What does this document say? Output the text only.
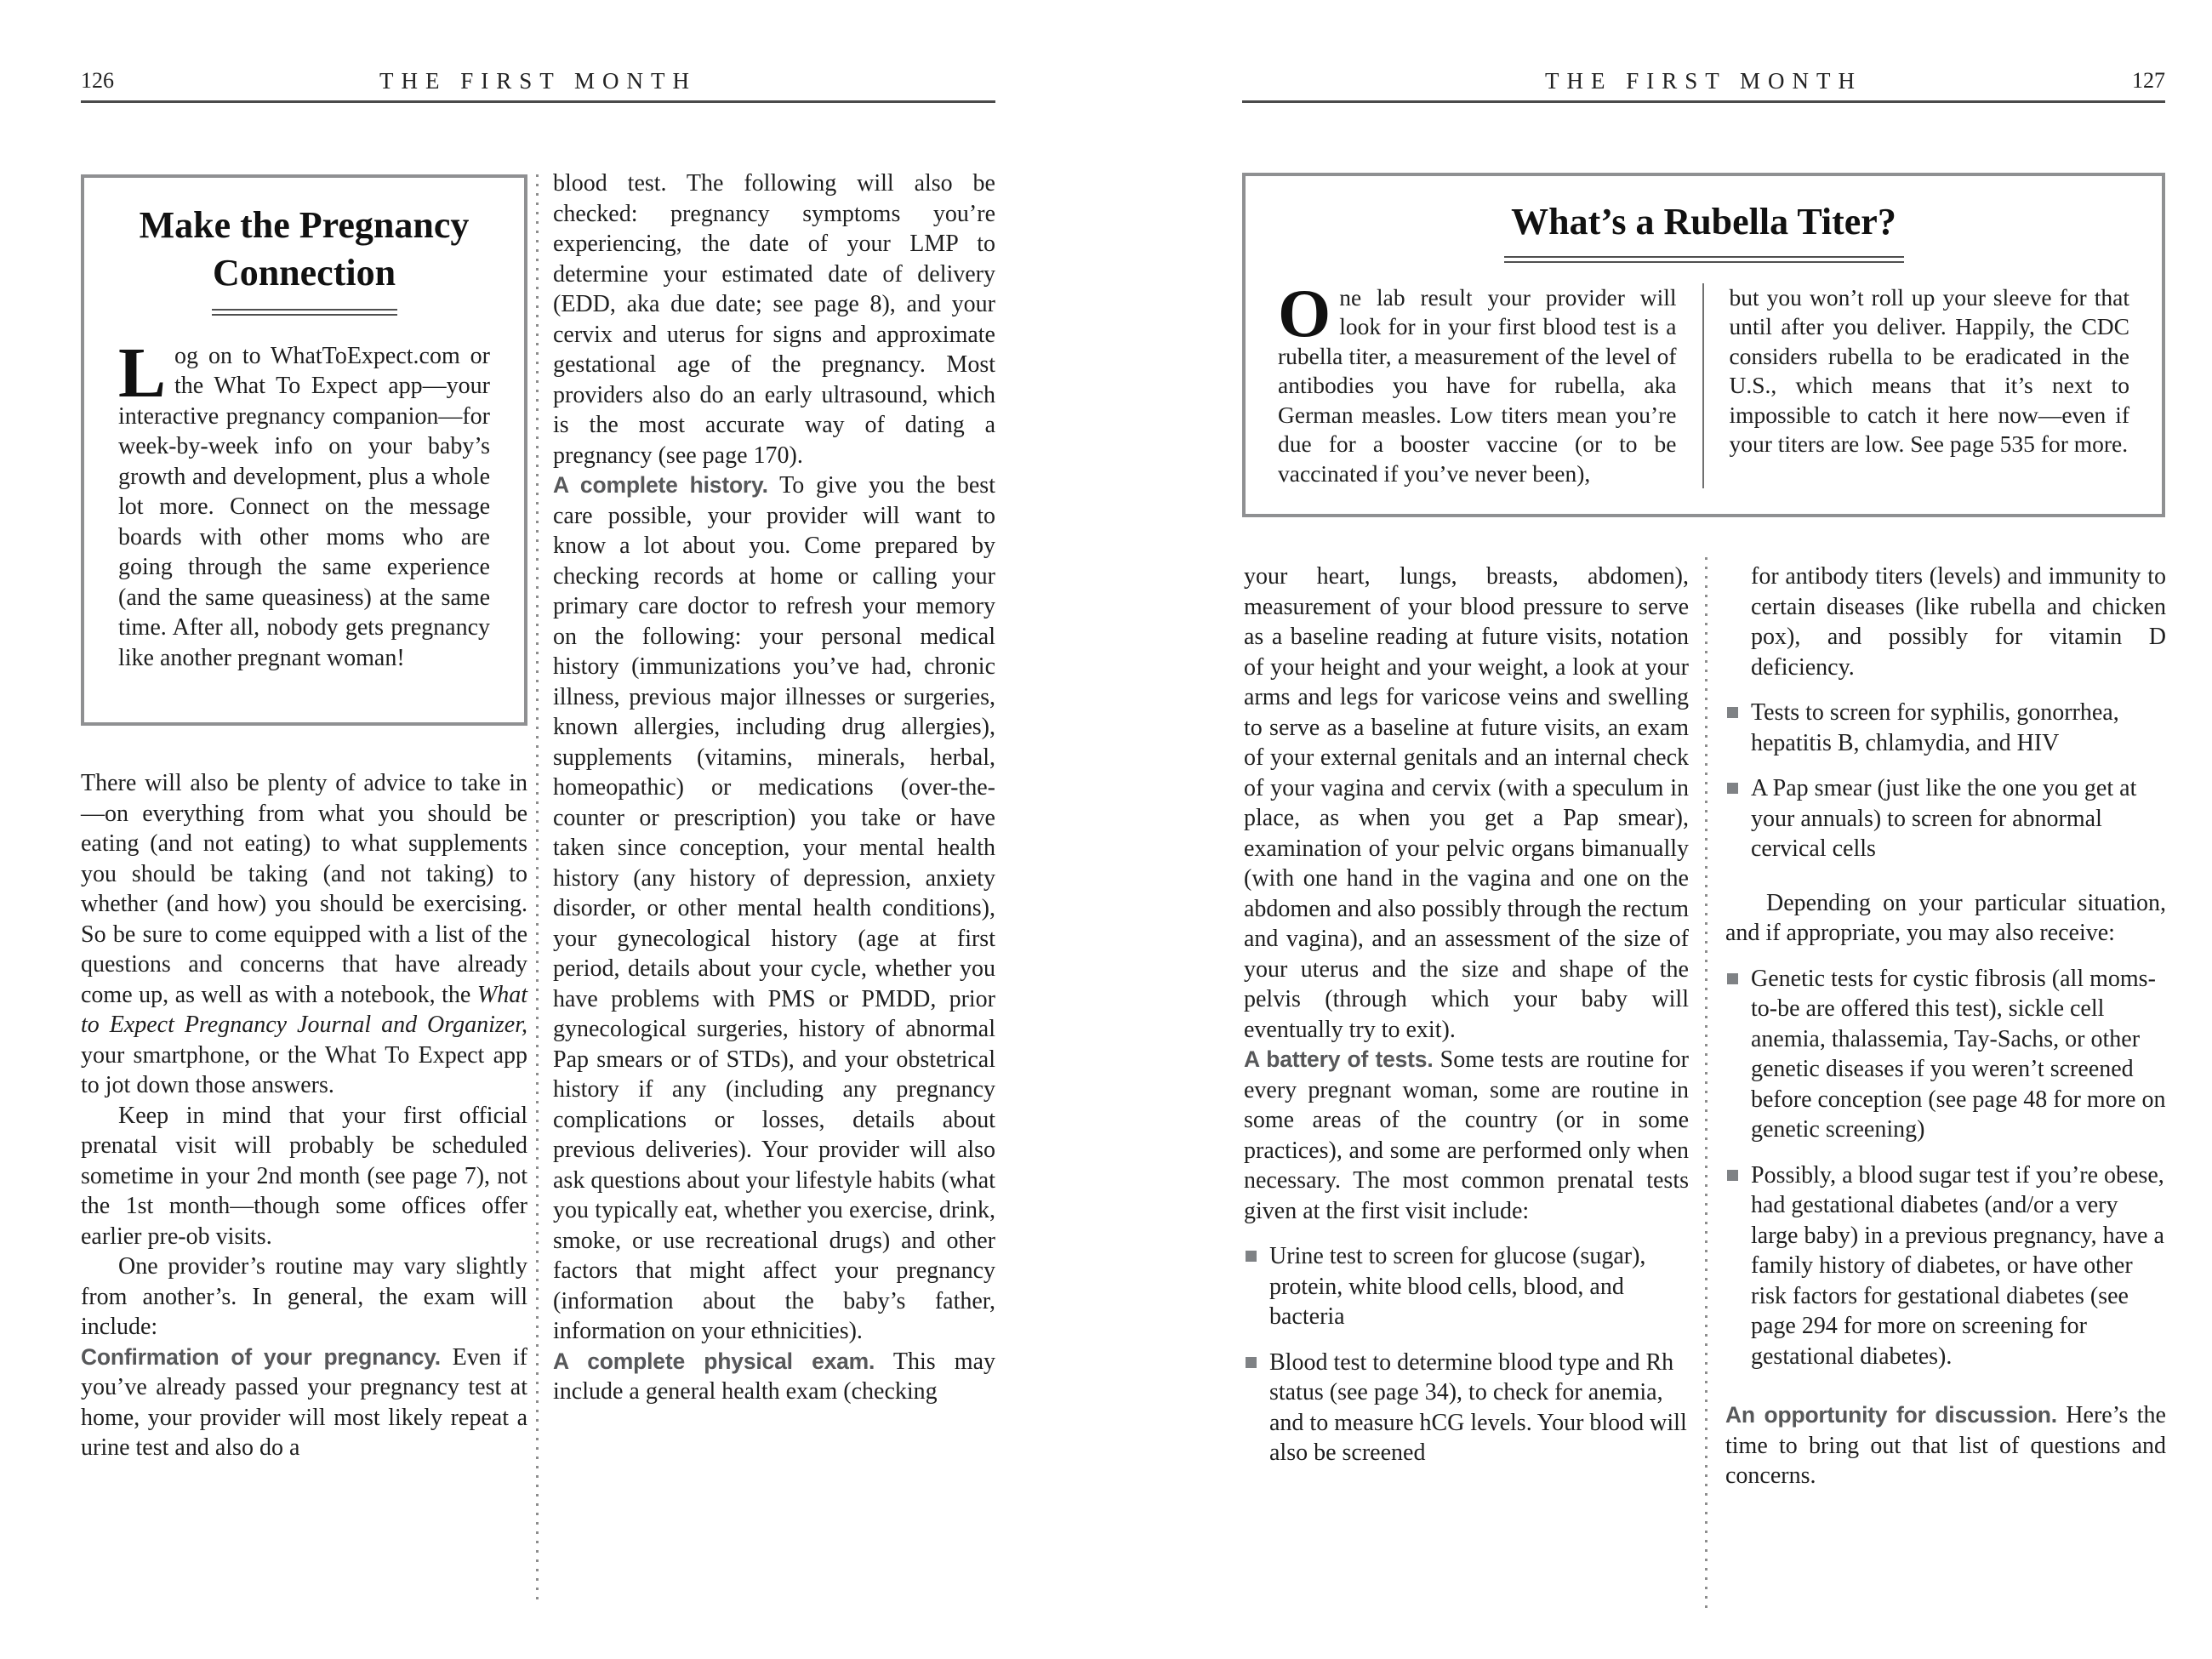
126	THE FIRST MONTH	THE FIRST MONTH	127
Make the Pregnancy Connection

Log on to WhatToExpect.com or the What To Expect app—your interactive pregnancy companion—for week-by-week info on your baby’s growth and development, plus a whole lot more. Connect on the message boards with other moms who are going through the same experience (and the same queasiness) at the same time. After all, nobody gets pregnancy like another pregnant woman!

There will also be plenty of advice to take in—on everything from what you should be eating (and not eating) to what supplements you should be taking (and not taking) to whether (and how) you should be exercising. So be sure to come equipped with a list of the questions and concerns that have already come up, as well as with a notebook, the What to Expect Pregnancy Journal and Organizer, your smartphone, or the What To Expect app to jot down those answers.

Keep in mind that your first official prenatal visit will probably be scheduled sometime in your 2nd month (see page 7), not the 1st month—though some offices offer earlier pre-ob visits.

One provider’s routine may vary slightly from another’s. In general, the exam will include:

Confirmation of your pregnancy. Even if you’ve already passed your pregnancy test at home, your provider will most likely repeat a urine test and also do a

blood test. The following will also be checked: pregnancy symptoms you’re experiencing, the date of your LMP to determine your estimated date of delivery (EDD, aka due date; see page 8), and your cervix and uterus for signs and approximate gestational age of the pregnancy. Most providers also do an early ultrasound, which is the most accurate way of dating a pregnancy (see page 170).

A complete history. To give you the best care possible, your provider will want to know a lot about you. Come prepared by checking records at home or calling your primary care doctor to refresh your memory on the following: your personal medical history (immunizations you’ve had, chronic illness, previous major illnesses or surgeries, known allergies, including drug allergies), supplements (vitamins, minerals, herbal, homeopathic) or medications (over-the-counter or prescription) you take or have taken since conception, your mental health history (any history of depression, anxiety disorder, or other mental health conditions), your gynecological history (age at first period, details about your cycle, whether you have problems with PMS or PMDD, prior gynecological surgeries, history of abnormal Pap smears or of STDs), and your obstetrical history if any (including any pregnancy complications or losses, details about previous deliveries). Your provider will also ask questions about your lifestyle habits (what you typically eat, whether you exercise, drink, smoke, or use recreational drugs) and other factors that might affect your pregnancy (information about the baby’s father, information on your ethnicities).

A complete physical exam. This may include a general health exam (checking

What’s a Rubella Titer?
One lab result your provider will look for in your first blood test is a rubella titer, a measurement of the level of antibodies you have for rubella, aka German measles. Low titers mean you’re due for a booster vaccine (or to be vaccinated if you’ve never been),
but you won’t roll up your sleeve for that until after you deliver. Happily, the CDC considers rubella to be eradicated in the U.S., which means that it’s next to impossible to catch it here now—even if your titers are low. See page 535 for more.

your heart, lungs, breasts, abdomen), measurement of your blood pressure to serve as a baseline reading at future visits, notation of your height and your weight, a look at your arms and legs for varicose veins and swelling to serve as a baseline at future visits, an exam of your external genitals and an internal check of your vagina and cervix (with a speculum in place, as when you get a Pap smear), examination of your pelvic organs bimanually (with one hand in the vagina and one on the abdomen and also possibly through the rectum and vagina), and an assessment of the size of your uterus and the size and shape of the pelvis (through which your baby will eventually try to exit).

A battery of tests. Some tests are routine for every pregnant woman, some are routine in some areas of the country (or in some practices), and some are performed only when necessary. The most common prenatal tests given at the first visit include:

Urine test to screen for glucose (sugar), protein, white blood cells, blood, and bacteria
Blood test to determine blood type and Rh status (see page 34), to check for anemia, and to measure hCG levels. Your blood will also be screened

for antibody titers (levels) and immunity to certain diseases (like rubella and chicken pox), and possibly for vitamin D deficiency.

Tests to screen for syphilis, gonorrhea, hepatitis B, chlamydia, and HIV
A Pap smear (just like the one you get at your annuals) to screen for abnormal cervical cells

Depending on your particular situation, and if appropriate, you may also receive:

Genetic tests for cystic fibrosis (all moms-to-be are offered this test), sickle cell anemia, thalassemia, Tay-Sachs, or other genetic diseases if you weren’t screened before conception (see page 48 for more on genetic screening)
Possibly, a blood sugar test if you’re obese, had gestational diabetes (and/or a very large baby) in a previous pregnancy, have a family history of diabetes, or have other risk factors for gestational diabetes (see page 294 for more on screening for gestational diabetes).

An opportunity for discussion. Here’s the time to bring out that list of questions and concerns.
